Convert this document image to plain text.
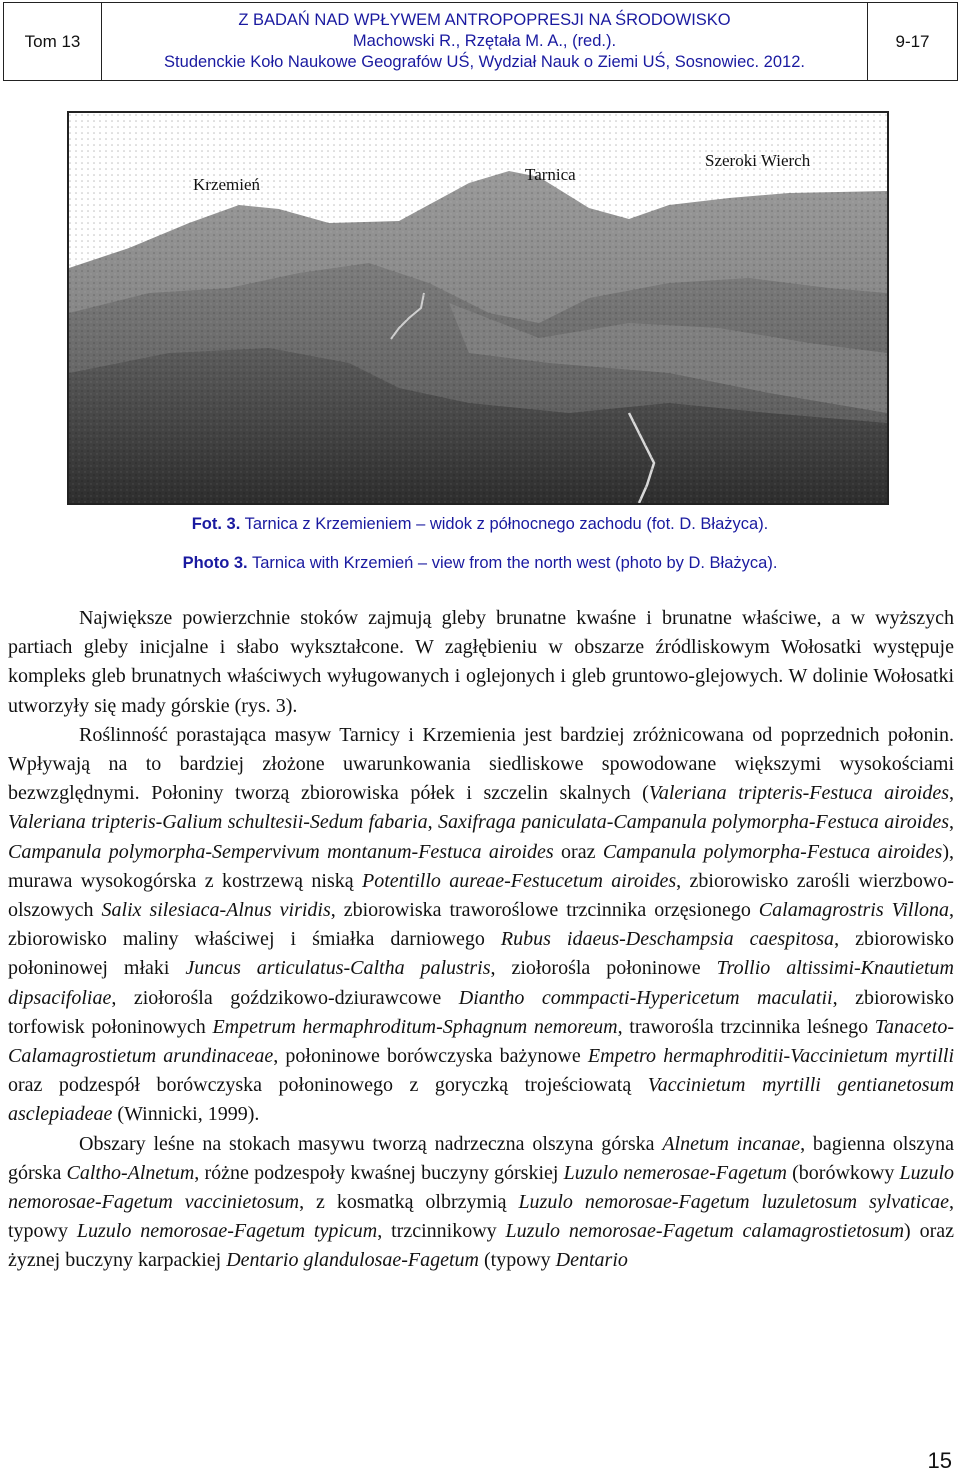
Tom 13
Z BADAŃ NAD WPŁYWEM ANTROPOPRESJI NA ŚRODOWISKO
Machowski R., Rzętała M. A., (red.).
Studenckie Koło Naukowe Geografów UŚ, Wydział Nauk o Ziemi UŚ, Sosnowiec. 2012.
9-17
Krzemień
Tarnica
Szeroki Wierch
Fot. 3. Tarnica z Krzemieniem – widok z północnego zachodu (fot. D. Błażyca).
Photo 3. Tarnica with Krzemień – view from the north west (photo by D. Błażyca).

Największe powierzchnie stoków zajmują gleby brunatne kwaśne i brunatne właściwe, a w wyższych partiach gleby inicjalne i słabo wykształcone. W zagłębieniu w obszarze źródliskowym Wołosatki występuje kompleks gleb brunatnych właściwych wyługowanych i oglejonych i gleb gruntowo-glejowych. W dolinie Wołosatki utworzyły się mady górskie (rys. 3).

Roślinność porastająca masyw Tarnicy i Krzemienia jest bardziej zróżnicowana od poprzednich połonin. Wpływają na to bardziej złożone uwarunkowania siedliskowe spowodowane większymi wysokościami bezwzględnymi. Połoniny tworzą zbiorowiska półek i szczelin skalnych (Valeriana tripteris-Festuca airoides, Valeriana tripteris-Galium schultesii-Sedum fabaria, Saxifraga paniculata-Campanula polymorpha-Festuca airoides, Campanula polymorpha-Sempervivum montanum-Festuca airoides oraz Campanula polymorpha-Festuca airoides), murawa wysokogórska z kostrzewą niską Potentillo aureae-Festucetum airoides, zbiorowisko zarośli wierzbowo-olszowych Salix silesiaca-Alnus viridis, zbiorowiska traworoślowe trzcinnika orzęsionego Calamagrostris Villona, zbiorowisko maliny właściwej i śmiałka darniowego Rubus idaeus-Deschampsia caespitosa, zbiorowisko połoninowej młaki Juncus articulatus-Caltha palustris, ziołorośla połoninowe Trollio altissimi-Knautietum dipsacifoliae, ziołorośla goździkowo-dziurawcowe Diantho commpacti-Hypericetum maculatii, zbiorowisko torfowisk połoninowych Empetrum hermaphroditum-Sphagnum nemoreum, traworośla trzcinnika leśnego Tanaceto-Calamagrostietum arundinaceae, połoninowe borówczyska bażynowe Empetro hermaphroditii-Vaccinietum myrtilli oraz podzespół borówczyska połoninowego z goryczką trojeściowatą Vaccinietum myrtilli gentianetosum asclepiadeae (Winnicki, 1999).

Obszary leśne na stokach masywu tworzą nadrzeczna olszyna górska Alnetum incanae, bagienna olszyna górska Caltho-Alnetum, różne podzespoły kwaśnej buczyny górskiej Luzulo nemerosae-Fagetum (borówkowy Luzulo nemorosae-Fagetum vaccinietosum, z kosmatką olbrzymią Luzulo nemorosae-Fagetum luzuletosum sylvaticae, typowy Luzulo nemorosae-Fagetum typicum, trzcinnikowy Luzulo nemorosae-Fagetum calamagrostietosum) oraz żyznej buczyny karpackiej Dentario glandulosae-Fagetum (typowy Dentario

15
